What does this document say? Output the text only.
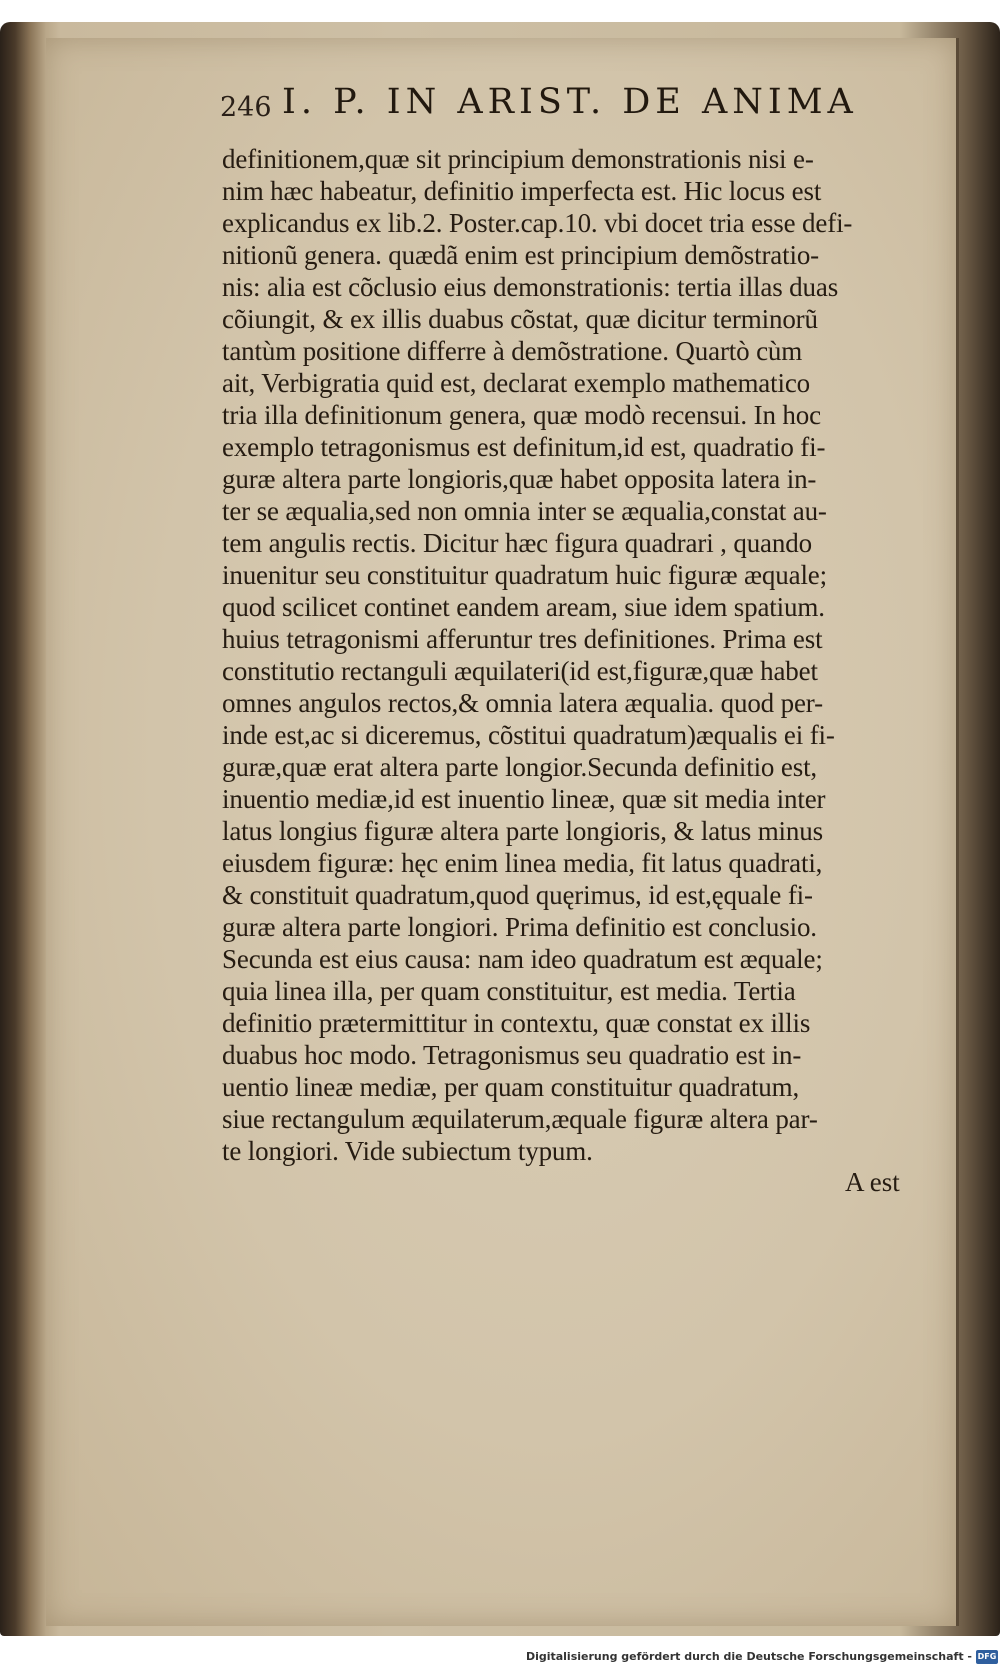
246 I. P. IN ARIST. DE ANIMA
definitionem,quæ sit principium demonstrationis nisi e-
nim hæc habeatur, definitio imperfecta est. Hic locus est
explicandus ex lib.2. Poster.cap.10. vbi docet tria esse defi-
nitionũ genera. quædã enim est principium demõstratio-
nis: alia est cõclusio eius demonstrationis: tertia illas duas
cõiungit, & ex illis duabus cõstat, quæ dicitur terminorũ
tantùm positione differre à demõstratione. Quartò cùm
ait, Verbigratia quid est, declarat exemplo mathematico
tria illa definitionum genera, quæ modò recensui. In hoc
exemplo tetragonismus est definitum,id est, quadratio fi-
guræ altera parte longioris,quæ habet opposita latera in-
ter se æqualia,sed non omnia inter se æqualia,constat au-
tem angulis rectis. Dicitur hæc figura quadrari , quando
inuenitur seu constituitur quadratum huic figuræ æquale;
quod scilicet continet eandem aream, siue idem spatium.
huius tetragonismi afferuntur tres definitiones. Prima est
constitutio rectanguli æquilateri(id est,figuræ,quæ habet
omnes angulos rectos,& omnia latera æqualia. quod per-
inde est,ac si diceremus, cõstitui quadratum)æqualis ei fi-
guræ,quæ erat altera parte longior.Secunda definitio est,
inuentio mediæ,id est inuentio lineæ, quæ sit media inter
latus longius figuræ altera parte longioris, & latus minus
eiusdem figuræ: hęc enim linea media, fit latus quadrati,
& constituit quadratum,quod quęrimus, id est,ęquale fi-
guræ altera parte longiori. Prima definitio est conclusio.
Secunda est eius causa: nam ideo quadratum est æquale;
quia linea illa, per quam constituitur, est media. Tertia
definitio prætermittitur in contextu, quæ constat ex illis
duabus hoc modo. Tetragonismus seu quadratio est in-
uentio lineæ mediæ, per quam constituitur quadratum,
siue rectangulum æquilaterum,æquale figuræ altera par-
te longiori. Vide subiectum typum.
A est
Digitalisierung gefördert durch die Deutsche Forschungsgemeinschaft - DFG
